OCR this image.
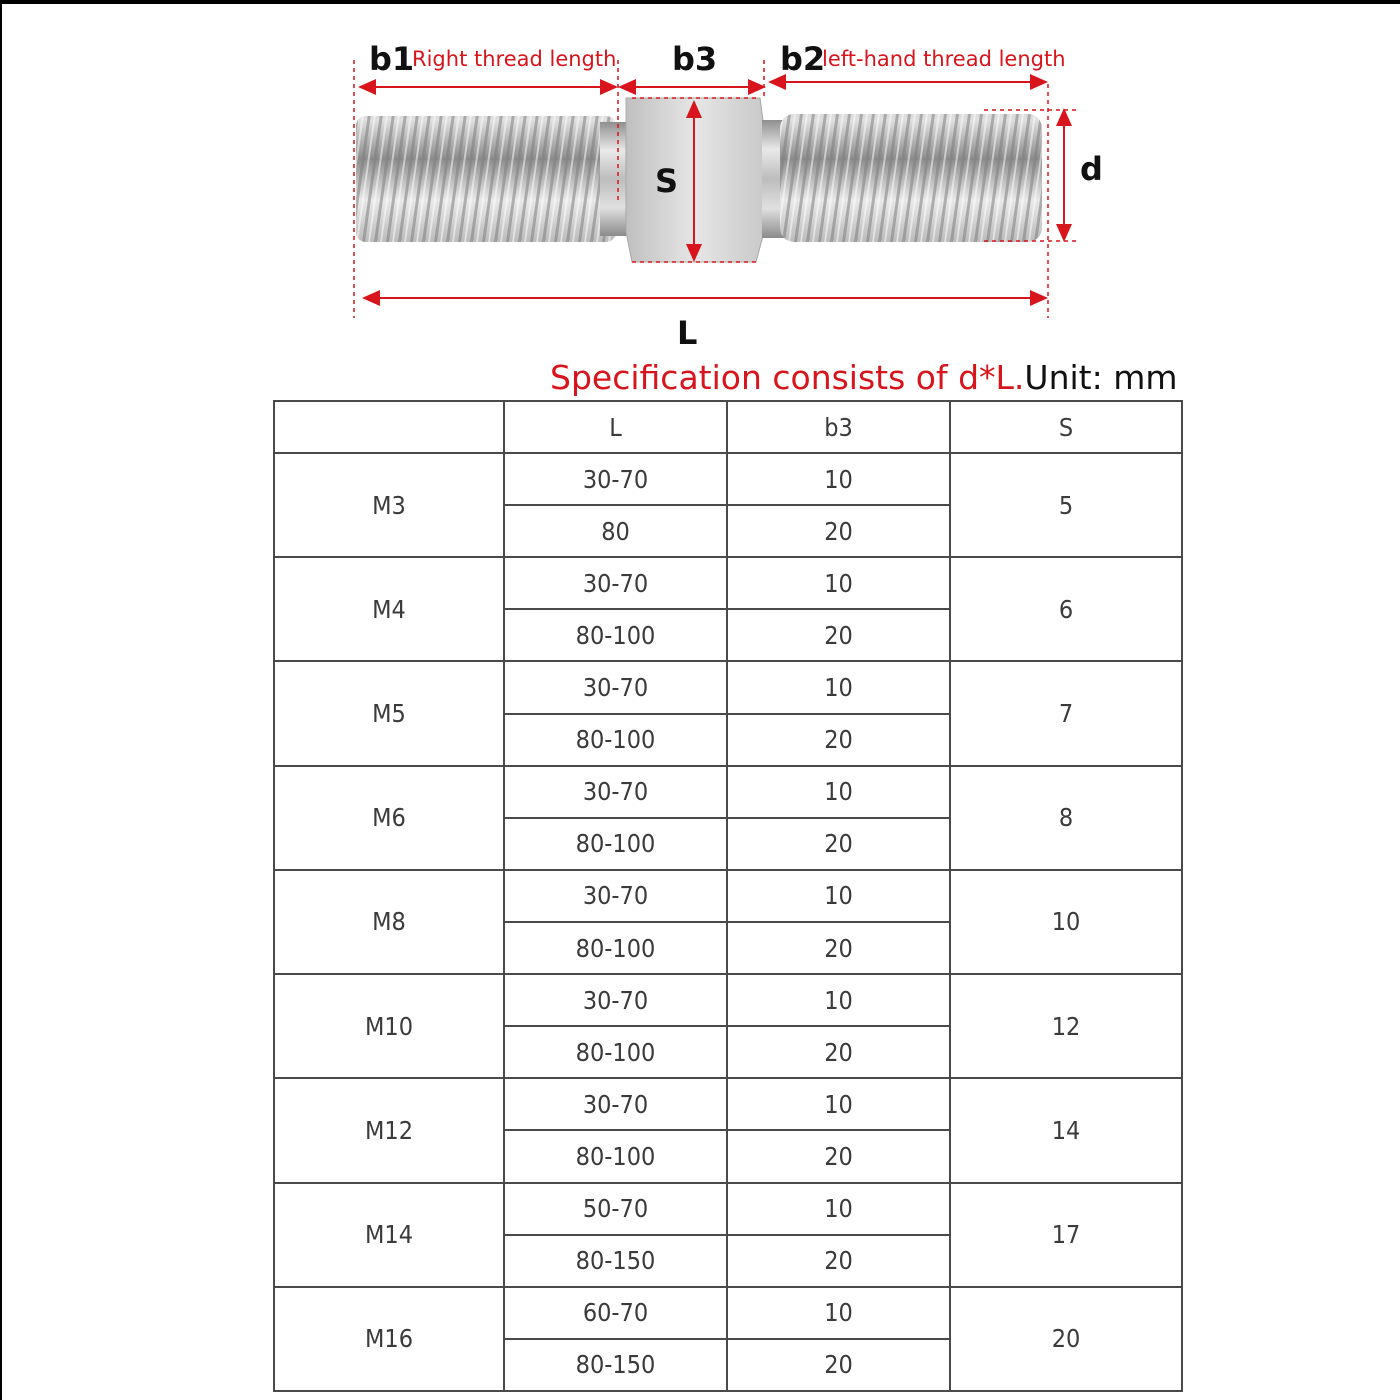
b1
Right thread length b3 b2
left-hand thread length
S	d
L
Specification consists of d*L.Unit: mm
	L	b3	S
M3	30-70	10	5
	80	20	
M4	30-70	10	6
	80-100	20	
M5	30-70	10	7
	80-100	20	
M6	30-70	10	8
	80-100	20	
M8	30-70	10	10
	80-100	20	
M10	30-70	10	12
	80-100	20	
M12	30-70	10	14
	80-100	20	
M14	50-70	10	17
	80-150	20	
M16	60-70	10	20
	80-150	20	
